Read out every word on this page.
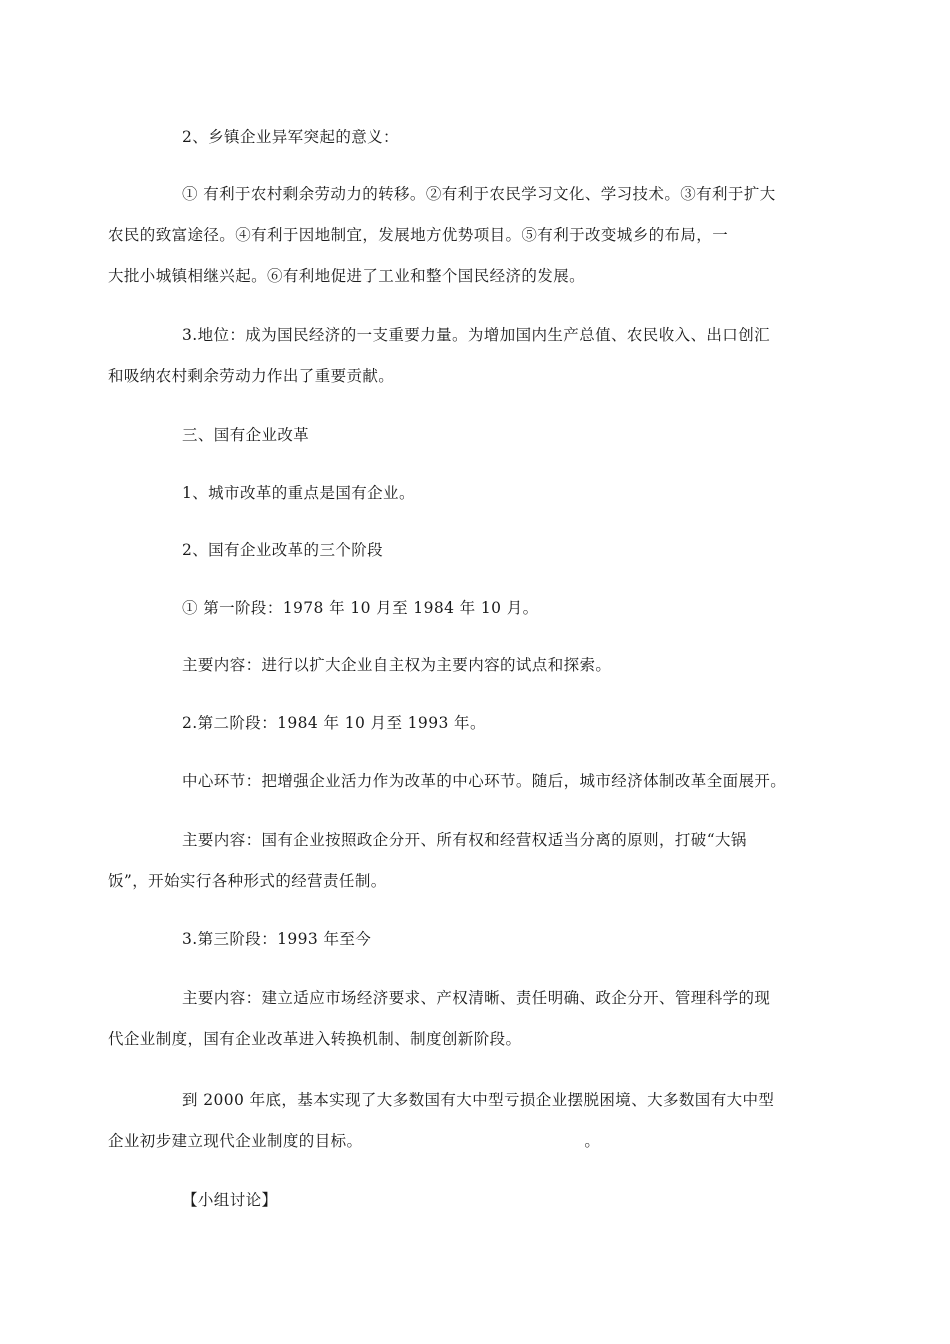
2、乡镇企业异军突起的意义：

① 有利于农村剩余劳动力的转移。②有利于农民学习文化、学习技术。③有利于扩大
农民的致富途径。④有利于因地制宜，发展地方优势项目。⑤有利于改变城乡的布局，一
大批小城镇相继兴起。⑥有利地促进了工业和整个国民经济的发展。

3.地位：成为国民经济的一支重要力量。为增加国内生产总值、农民收入、出口创汇
和吸纳农村剩余劳动力作出了重要贡献。

三、国有企业改革

1、城市改革的重点是国有企业。

2、国有企业改革的三个阶段

① 第一阶段：1978 年 10 月至 1984 年 10 月。

主要内容：进行以扩大企业自主权为主要内容的试点和探索。

2.第二阶段：1984 年 10 月至 1993 年。

中心环节：把增强企业活力作为改革的中心环节。随后，城市经济体制改革全面展开。

主要内容：国有企业按照政企分开、所有权和经营权适当分离的原则，打破“大锅
饭”，开始实行各种形式的经营责任制。

3.第三阶段：1993 年至今

主要内容：建立适应市场经济要求、产权清晰、责任明确、政企分开、管理科学的现
代企业制度，国有企业改革进入转换机制、制度创新阶段。

到 2000 年底，基本实现了大多数国有大中型亏损企业摆脱困境、大多数国有大中型
企业初步建立现代企业制度的目标。	。

【小组讨论】
